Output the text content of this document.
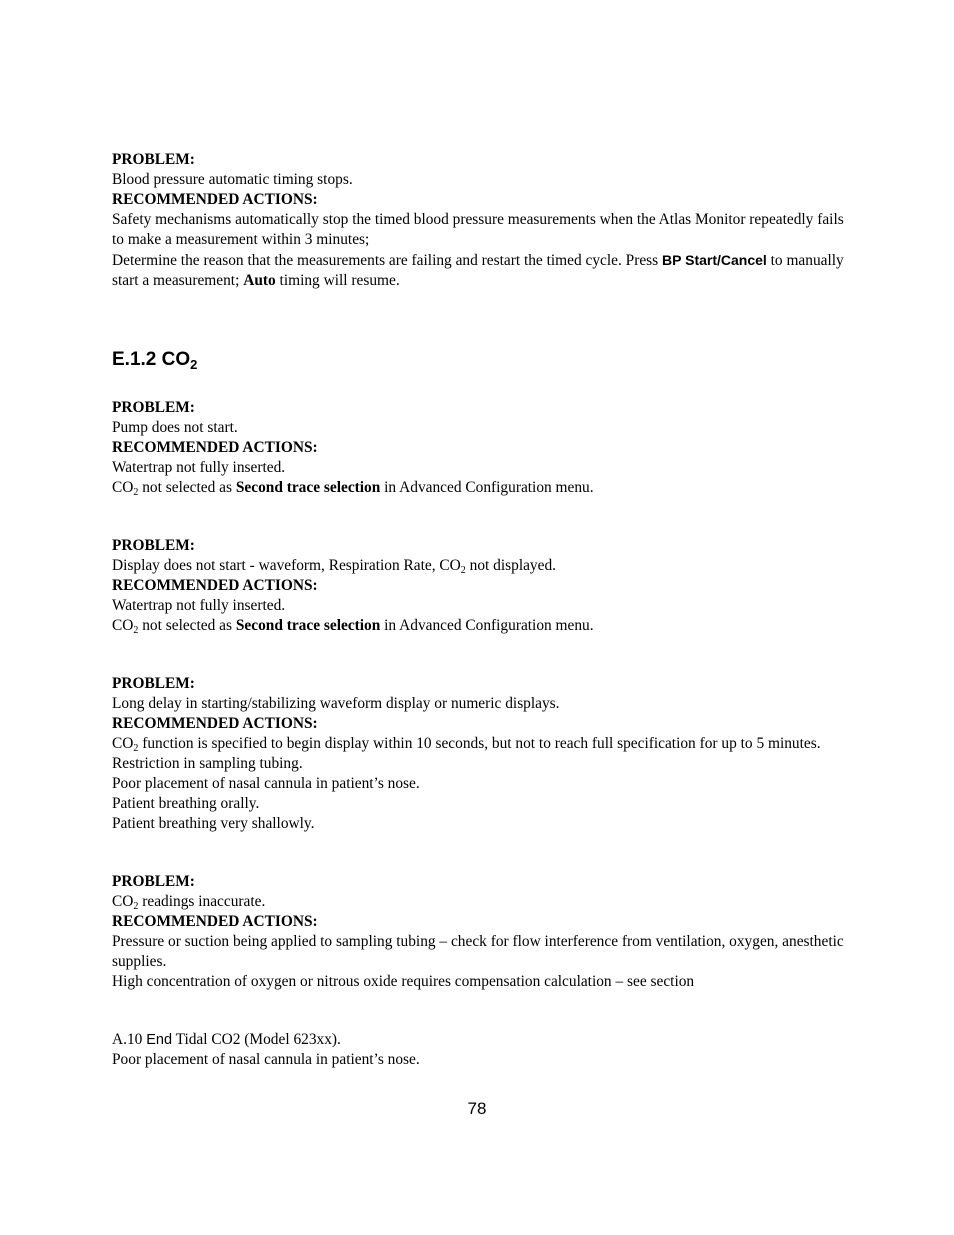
PROBLEM:
Blood pressure automatic timing stops.
RECOMMENDED ACTIONS:
Safety mechanisms automatically stop the timed blood pressure measurements when the Atlas Monitor repeatedly fails to make a measurement within 3 minutes;
Determine the reason that the measurements are failing and restart the timed cycle. Press BP Start/Cancel to manually start a measurement; Auto timing will resume.
E.1.2 $CO_2$
PROBLEM:
Pump does not start.
RECOMMENDED ACTIONS:
Watertrap not fully inserted.
$CO_2$ not selected as Second trace selection in Advanced Configuration menu.
PROBLEM:
Display does not start - waveform, Respiration Rate, $CO_2$ not displayed.
RECOMMENDED ACTIONS:
Watertrap not fully inserted.
$CO_2$ not selected as Second trace selection in Advanced Configuration menu.
PROBLEM:
Long delay in starting/stabilizing waveform display or numeric displays.
RECOMMENDED ACTIONS:
$CO_2$ function is specified to begin display within 10 seconds, but not to reach full specification for up to 5 minutes.
Restriction in sampling tubing.
Poor placement of nasal cannula in patient’s nose.
Patient breathing orally.
Patient breathing very shallowly.
PROBLEM:
$CO_2$ readings inaccurate.
RECOMMENDED ACTIONS:
Pressure or suction being applied to sampling tubing – check for flow interference from ventilation, oxygen, anesthetic supplies.
High concentration of oxygen or nitrous oxide requires compensation calculation – see section
A.10 End Tidal CO2 (Model 623xx).
Poor placement of nasal cannula in patient’s nose.
78
